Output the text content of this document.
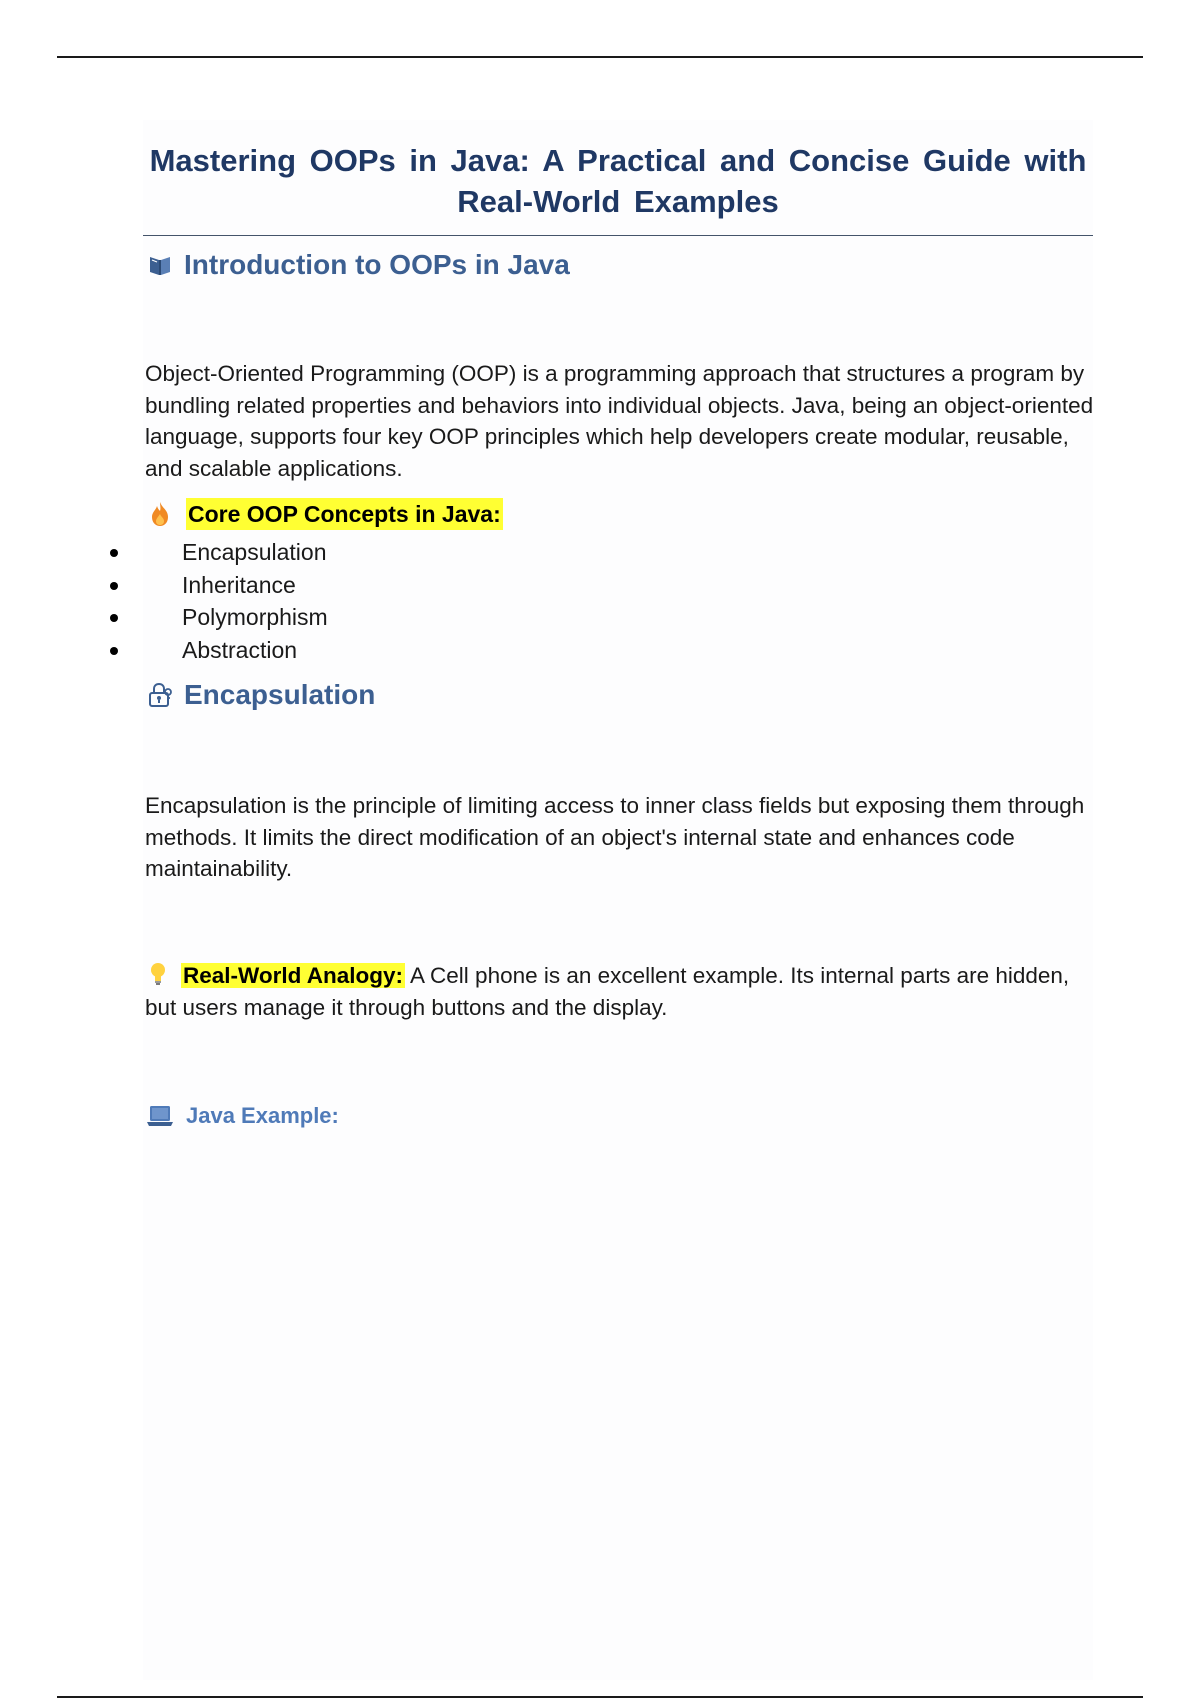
Mastering OOPs in Java: A Practical and Concise Guide with Real-World Examples
Introduction to OOPs in Java

Object-Oriented Programming (OOP) is a programming approach that structures a program by bundling related properties and behaviors into individual objects. Java, being an object-oriented language, supports four key OOP principles which help developers create modular, reusable, and scalable applications.

Core OOP Concepts in Java:
Encapsulation
Inheritance
Polymorphism
Abstraction
Encapsulation

Encapsulation is the principle of limiting access to inner class fields but exposing them through methods. It limits the direct modification of an object's internal state and enhances code maintainability.

Real-World Analogy: A Cell phone is an excellent example. Its internal parts are hidden, but users manage it through buttons and the display.

Java Example:
